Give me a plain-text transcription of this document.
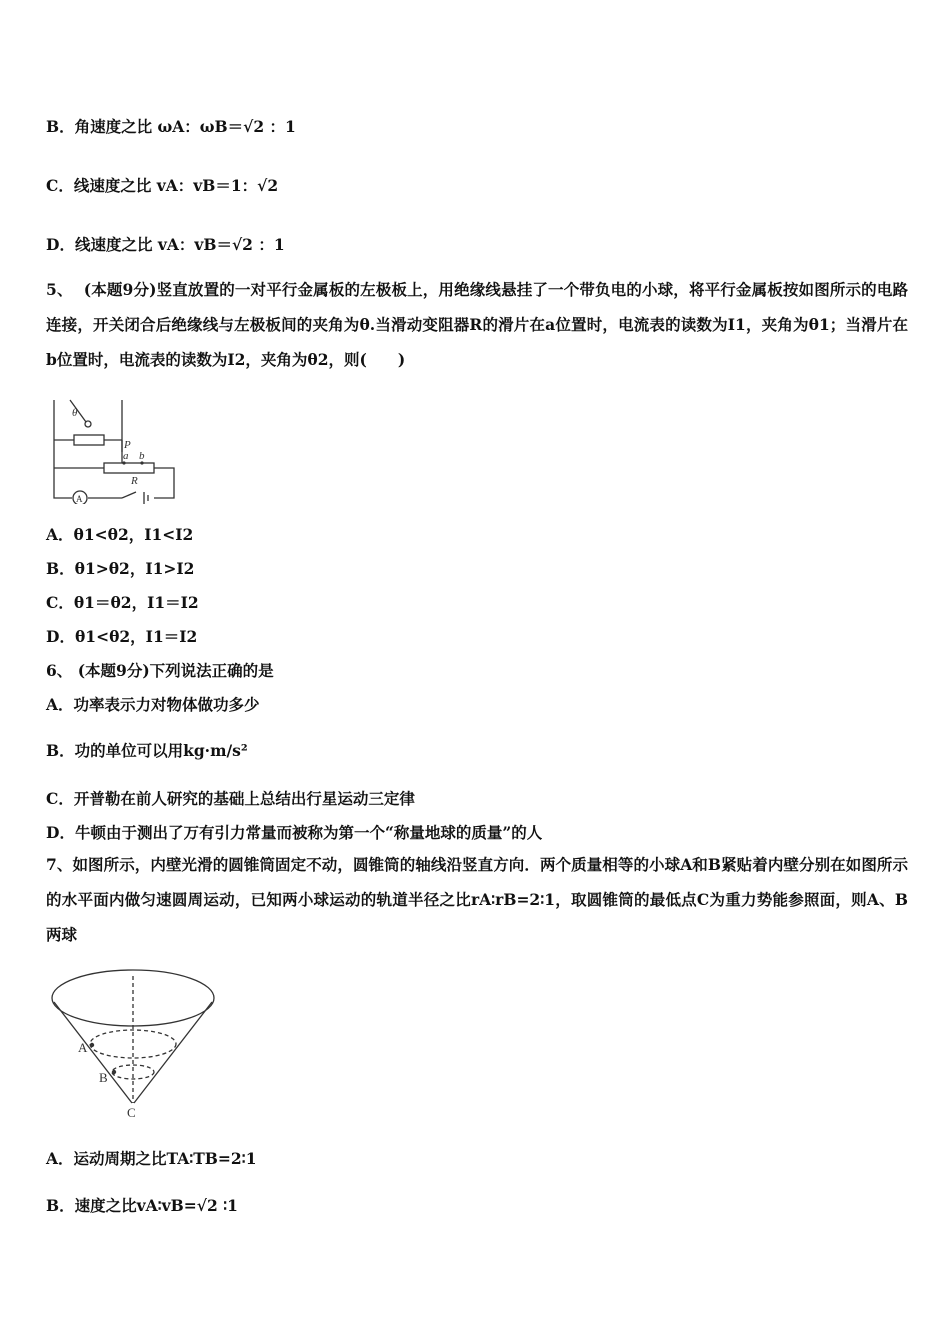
B．角速度之比 ωA：ωB＝√2 ：1
C．线速度之比 vA：vB＝1：√2
D．线速度之比 vA：vB＝√2 ：1
5、 (本题9分)竖直放置的一对平行金属板的左极板上，用绝缘线悬挂了一个带负电的小球，将平行金属板按如图所示的电路连接，开关闭合后绝缘线与左极板间的夹角为θ.当滑动变阻器R的滑片在a位置时，电流表的读数为I1，夹角为θ1；当滑片在b位置时，电流表的读数为I2，夹角为θ2，则(　　)
θ
P
a b
R
A
A．θ1<θ2，I1<I2
B．θ1>θ2，I1>I2
C．θ1＝θ2，I1＝I2
D．θ1<θ2，I1＝I2
6、 (本题9分)下列说法正确的是
A．功率表示力对物体做功多少
B．功的单位可以用kg·m/s²
C．开普勒在前人研究的基础上总结出行星运动三定律
D．牛顿由于测出了万有引力常量而被称为第一个“称量地球的质量”的人
7、如图所示，内壁光滑的圆锥筒固定不动，圆锥筒的轴线沿竖直方向．两个质量相等的小球A和B紧贴着内壁分别在如图所示的水平面内做匀速圆周运动，已知两小球运动的轨道半径之比rA∶rB=2∶1，取圆锥筒的最低点C为重力势能参照面，则A、B两球
A
B
C
A．运动周期之比TA∶TB=2∶1
B．速度之比vA∶vB=√2 ∶1
